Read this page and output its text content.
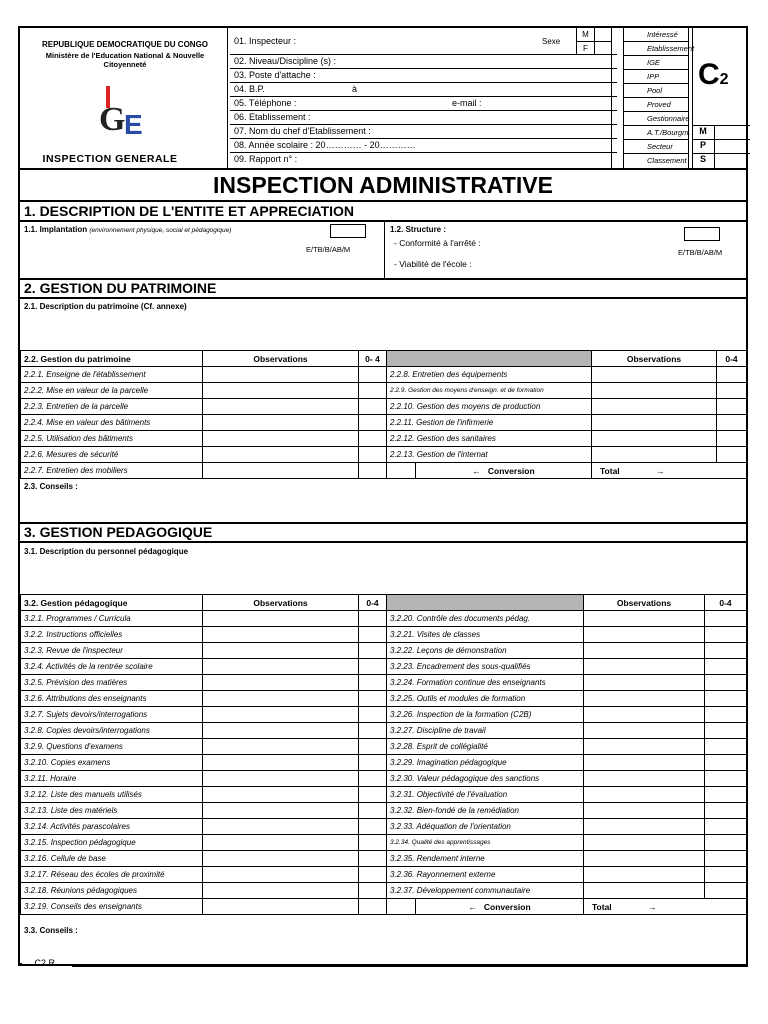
REPUBLIQUE DEMOCRATIQUE DU CONGO
Ministère de l'Education National & Nouvelle Citoyenneté
G
E
INSPECTION GENERALE
01. Inspecteur :	Sexe
M
F
02. Niveau/Discipline (s) :
03. Poste d'attache :
04. B.P.	à
05. Téléphone :	e-mail :
06. Etablissement :
07. Nom du chef d'Etablissement :
08. Année scolaire : 20………… - 20…………
09. Rapport n° :
Intéressé
Etablissement
IGE
IPP
Pool
Proved
Gestionnaire
A.T./Bourgm.
Secteur
Classement
C2
M
P
S
INSPECTION ADMINISTRATIVE
1. DESCRIPTION DE L'ENTITE ET APPRECIATION
1.1. Implantation (environnement physique, social et pédagogique)
E/TB/B/AB/M
1.2. Structure :
- Conformité à l'arrêté :
- Viabilité de l'école :
E/TB/B/AB/M
2. GESTION DU PATRIMOINE
2.1. Description du patrimoine (Cf. annexe)
2.2. Gestion du patrimoine	Observations	0- 4			Observations	0-4
2.2.1. Enseigne de l'établissement			2.2.8. Entretien des équipements			
2.2.2. Mise en valeur de la parcelle			2.2.9. Gestion des moyens d'enseign. et de formation			
2.2.3. Entretien de la parcelle			2.2.10. Gestion des moyens de production			
2.2.4. Mise en valeur des bâtiments			2.2.11. Gestion de l'infirmerie			
2.2.5. Utilisation des bâtiments			2.2.12. Gestion des sanitaires			
2.2.6. Mesures de sécurité			2.2.13. Gestion de l'internat			
2.2.7. Entretien des mobiliers				← Conversion	Total →	
2.3. Conseils :
3. GESTION PEDAGOGIQUE
3.1. Description du personnel pédagogique
3.2. Gestion pédagogique	Observations	0-4			Observations	0-4
3.2.1. Programmes / Curricula			3.2.20. Contrôle des documents pédag.			
3.2.2. Instructions officielles			3.2.21. Visites de classes			
3.2.3. Revue de l'inspecteur			3.2.22. Leçons de démonstration			
3.2.4. Activités de la rentrée scolaire			3.2.23. Encadrement des sous-qualifiés			
3.2.5. Prévision des matières			3.2.24. Formation continue des enseignants			
3.2.6. Attributions des enseignants			3.2.25. Outils et modules de formation			
3.2.7. Sujets devoirs/interrogations			3.2.26. Inspection de la formation (C2B)			
3.2.8. Copies devoirs/interrogations			3.2.27. Discipline de travail			
3.2.9. Questions d'examens			3.2.28. Esprit de collégialité			
3.2.10. Copies examens			3.2.29. Imagination pédagogique			
3.2.11. Horaire			3.2.30. Valeur pédagogique des sanctions			
3.2.12. Liste des manuels utilisés			3.2.31. Objectivité de l'évaluation			
3.2.13. Liste des matériels			3.2.32. Bien-fondé de la remédiation			
3.2.14. Activités parascolaires			3.2.33. Adéquation de l'orientation			
3.2.15. Inspection pédagogique			3.2.34. Qualité des apprentissages			
3.2.16. Cellule de base			3.2.35. Rendement interne			
3.2.17. Réseau des écoles de proximité			3.2.36. Rayonnement externe			
3.2.18. Réunions pédagogiques			3.2.37. Développement communautaire			
3.2.19. Conseils des enseignants				← Conversion	Total →	
3.3. Conseils :
C2 R
